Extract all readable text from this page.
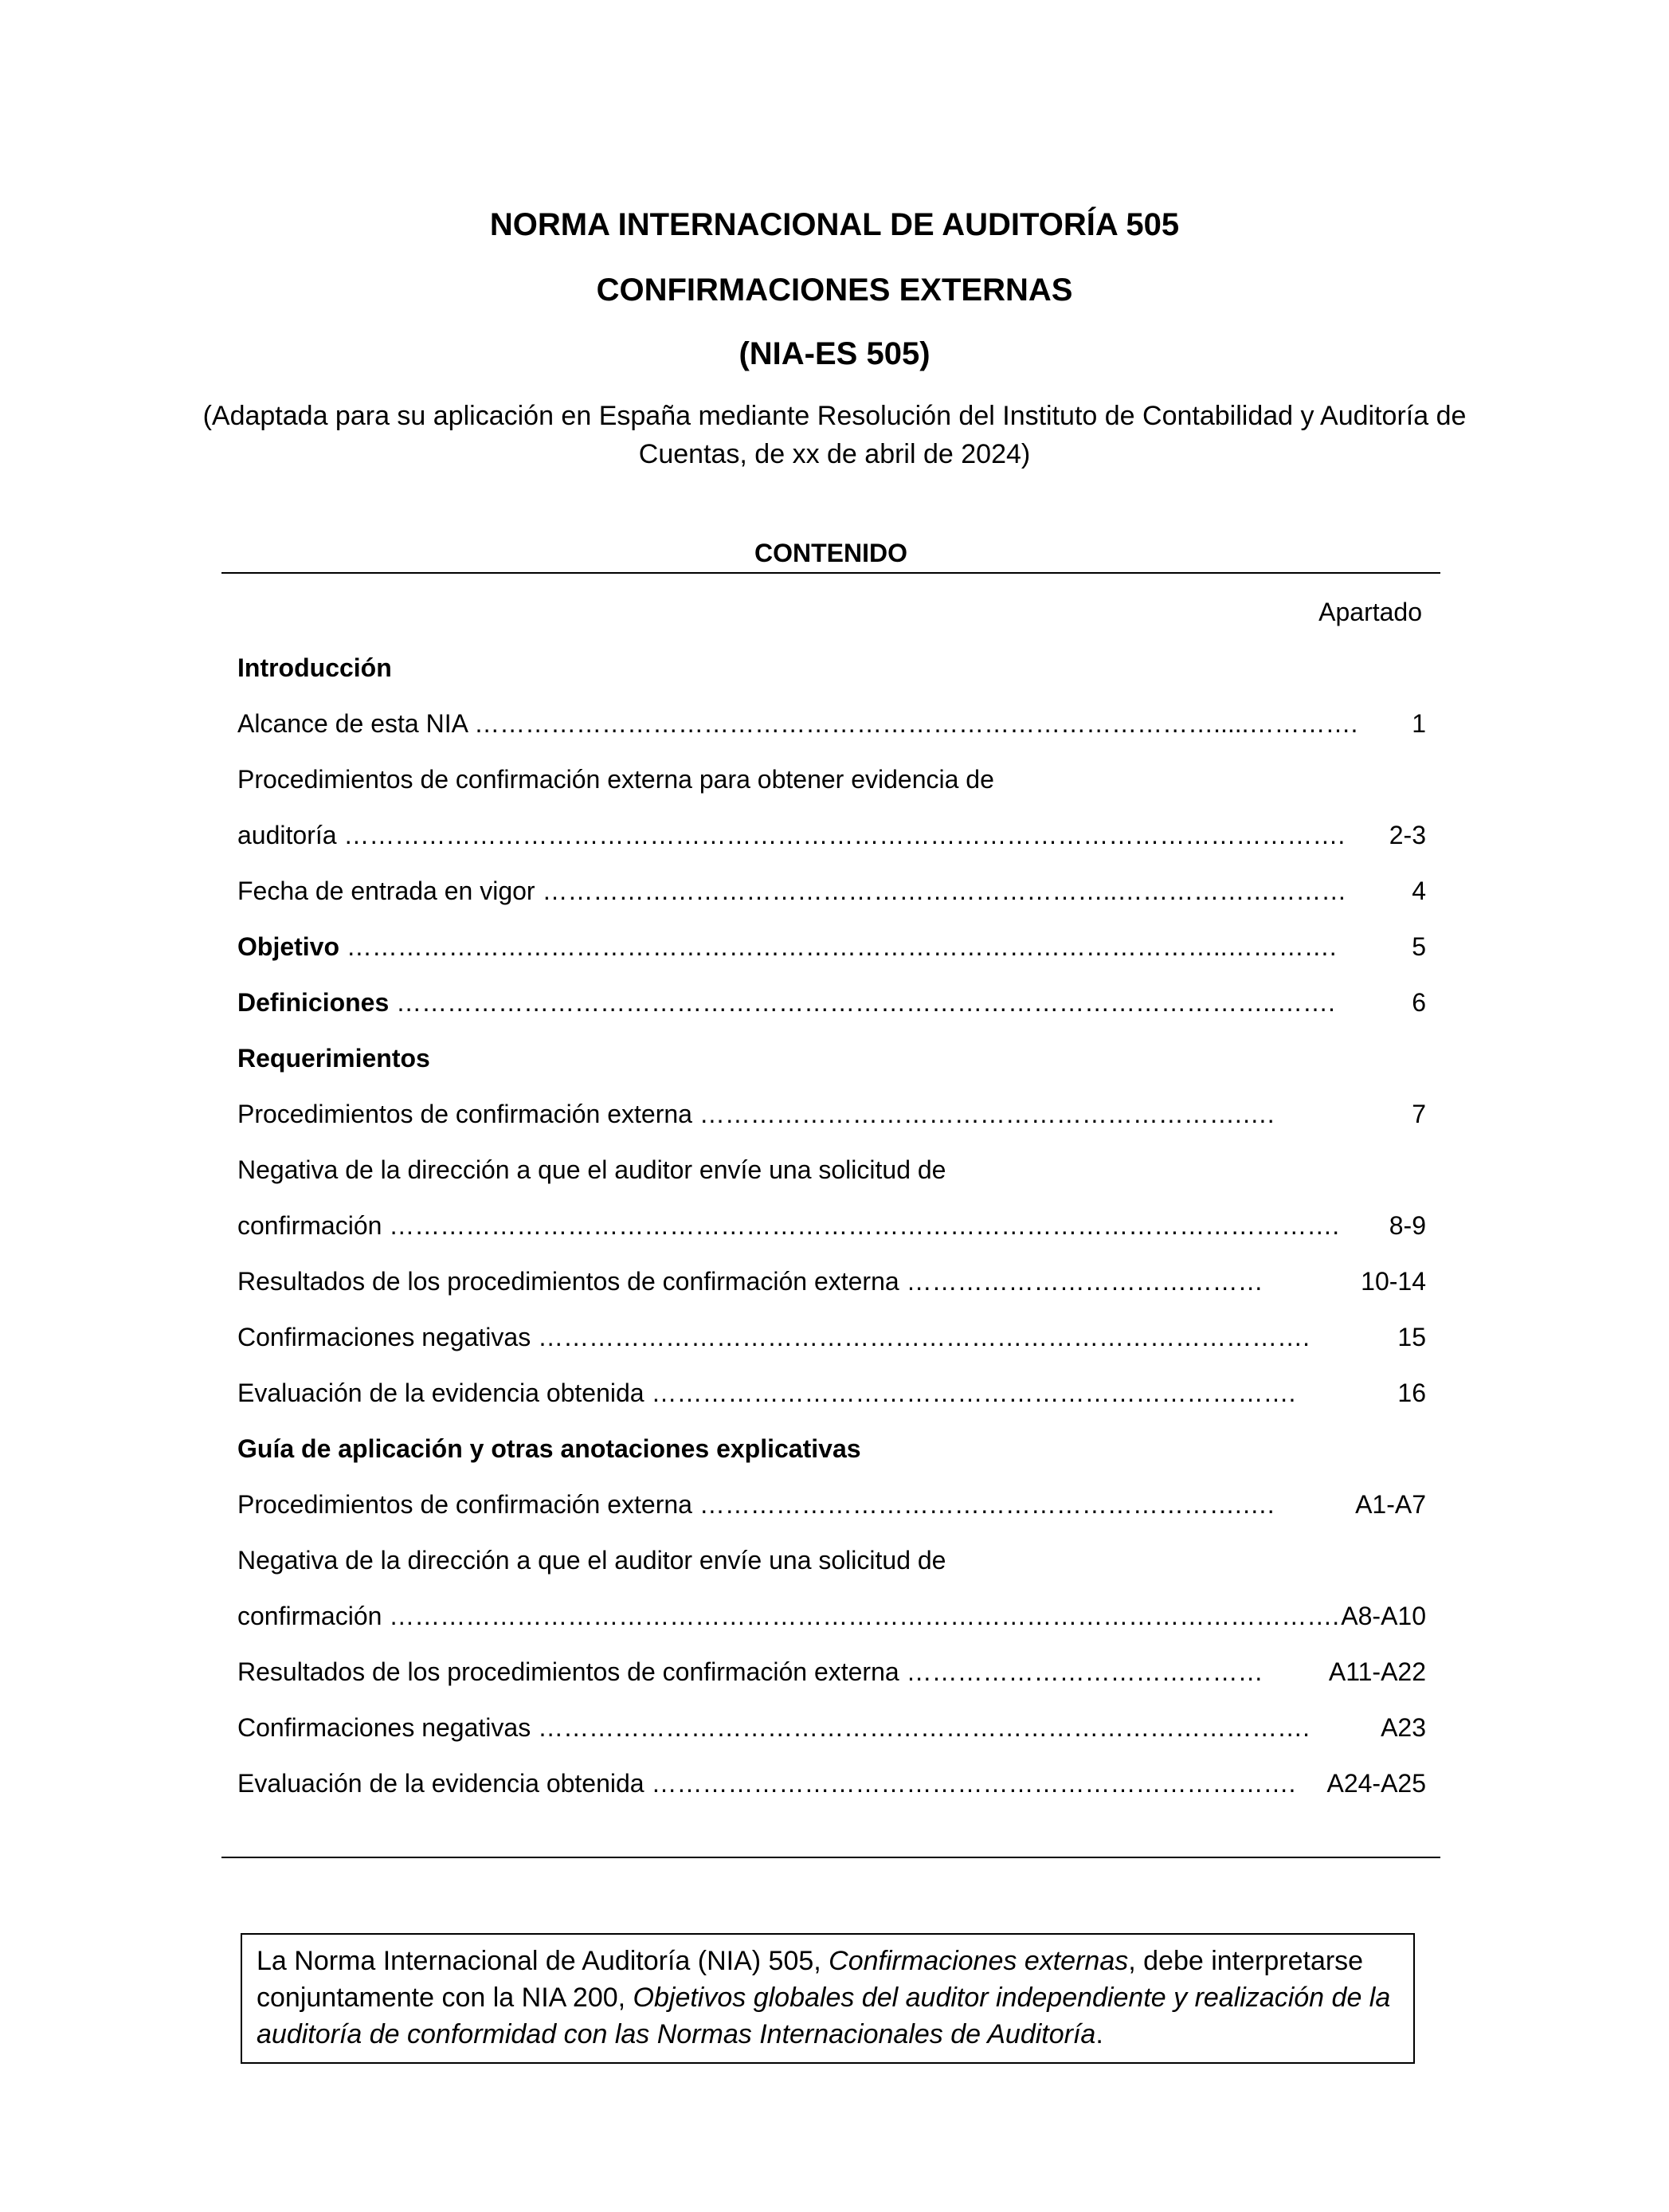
NORMA INTERNACIONAL DE AUDITORÍA 505

CONFIRMACIONES EXTERNAS

(NIA-ES 505)

(Adaptada para su aplicación en España mediante Resolución del Instituto de Contabilidad y Auditoría de Cuentas, de xx de abril de 2024)

CONTENIDO
Apartado
Introducción
Alcance de esta NIA …………………………………………………………………………….....…………. 1
Procedimientos de confirmación externa para obtener evidencia de
auditoría ………………………………………………………………………………………………………. 2-3
Fecha de entrada en vigor …………………………………………………………..………………………	4
Objetivo …………………………………………………………………………………………..………….	5
Definiciones …………………………………………………………………………………………..…….	6
Requerimientos
Procedimientos de confirmación externa ……………………………………………………….….	7
Negativa de la dirección a que el auditor envíe una solicitud de
confirmación …………………………………………………………………………………………………. 8-9
Resultados de los procedimientos de confirmación externa ……………………………………	10-14
Confirmaciones negativas ……………………………………………………………………………….	15
Evaluación de la evidencia obtenida ………………………………………………………………….	16
Guía de aplicación y otras anotaciones explicativas
Procedimientos de confirmación externa ……………………………………………………….….	A1-A7
Negativa de la dirección a que el auditor envíe una solicitud de
confirmación …………………………………………………………………………………………………. A8-A10
Resultados de los procedimientos de confirmación externa ……………………………………	A11-A22
Confirmaciones negativas ……………………………………………………………………………….	A23
Evaluación de la evidencia obtenida …………………………………………………………………. A24-A25
La Norma Internacional de Auditoría (NIA) 505, Confirmaciones externas, debe interpretarse conjuntamente con la NIA 200, Objetivos globales del auditor independiente y realización de la auditoría de conformidad con las Normas Internacionales de Auditoría.
